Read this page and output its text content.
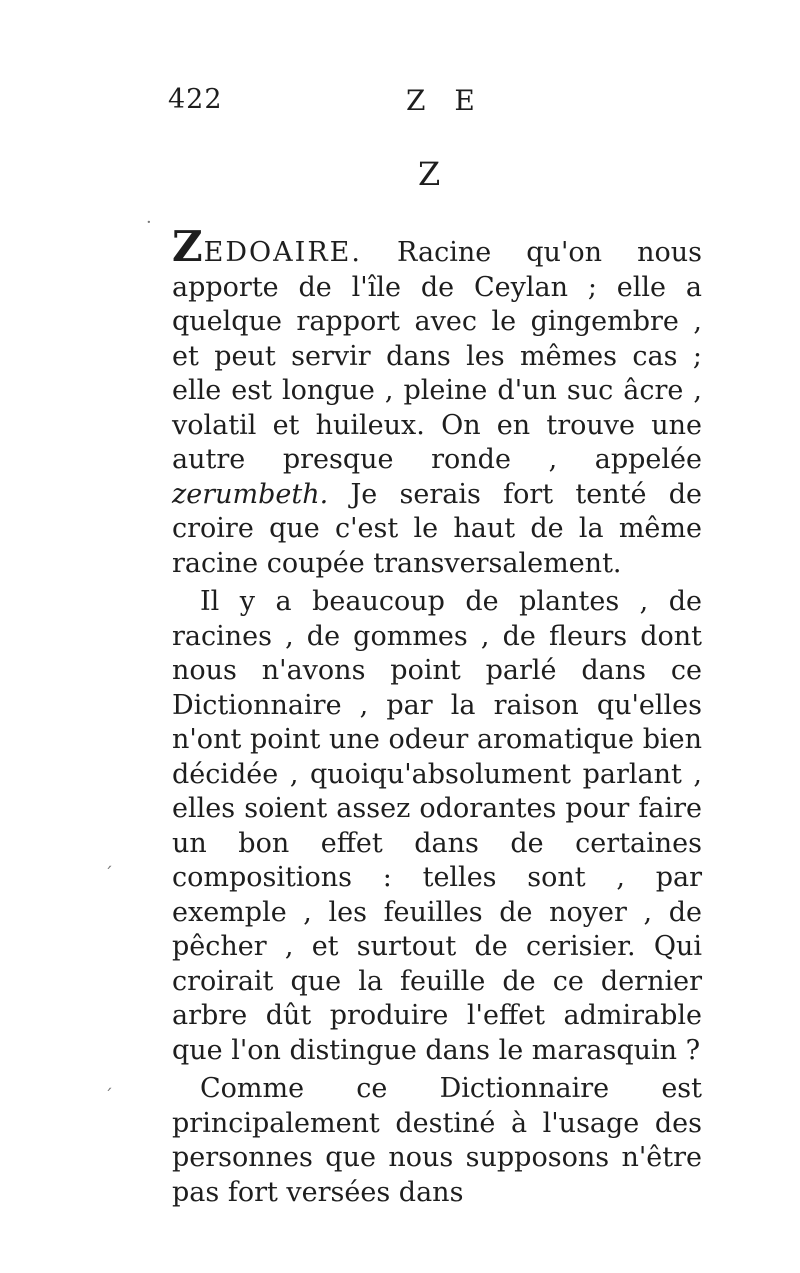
422	Z E
Z
·
´
´

ZEDOAIRE. Racine qu'on nous apporte de l'île de Ceylan ; elle a quelque rapport avec le gingembre , et peut servir dans les mêmes cas ; elle est longue , pleine d'un suc âcre , volatil et huileux. On en trouve une autre presque ronde , appelée zerumbeth. Je serais fort tenté de croire que c'est le haut de la même racine coupée transversalement.

Il y a beaucoup de plantes , de racines , de gommes , de fleurs dont nous n'avons point parlé dans ce Dictionnaire , par la raison qu'elles n'ont point une odeur aromatique bien décidée , quoiqu'absolument parlant , elles soient assez odorantes pour faire un bon effet dans de certaines compositions : telles sont , par exemple , les feuilles de noyer , de pêcher , et surtout de cerisier. Qui croirait que la feuille de ce dernier arbre dût produire l'effet admirable que l'on distingue dans le marasquin ?

Comme ce Dictionnaire est principalement destiné à l'usage des personnes que nous supposons n'être pas fort versées dans
